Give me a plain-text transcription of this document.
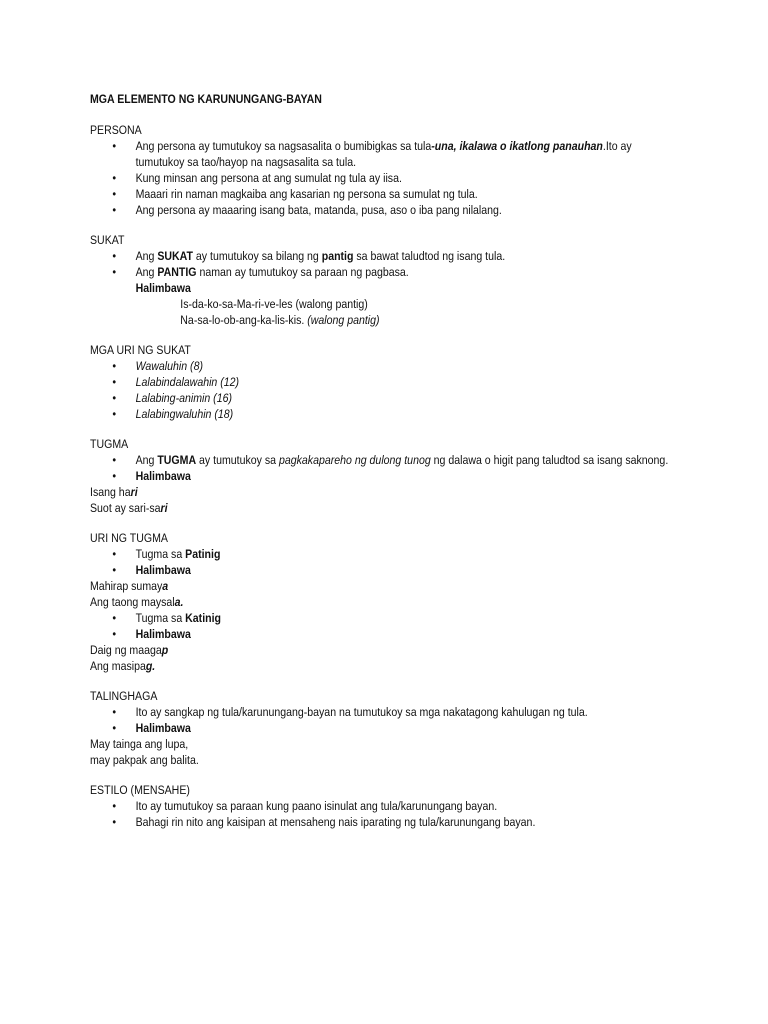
MGA ELEMENTO NG KARUNUNGANG-BAYAN

PERSONA

• Ang persona ay tumutukoy sa nagsasalita o bumibigkas sa tula-una, ikalawa o ikatlong panauhan.Ito ay tumutukoy sa tao/hayop na nagsasalita sa tula.
• Kung minsan ang persona at ang sumulat ng tula ay iisa.
• Maaari rin naman magkaiba ang kasarian ng persona sa sumulat ng tula.
• Ang persona ay maaaring isang bata, matanda, pusa, aso o iba pang nilalang.

SUKAT

• Ang SUKAT ay tumutukoy sa bilang ng pantig sa bawat taludtod ng isang tula.
• Ang PANTIG naman ay tumutukoy sa paraan ng pagbasa.

Halimbawa

Is-da-ko-sa-Ma-ri-ve-les (walong pantig)

Na-sa-lo-ob-ang-ka-lis-kis. (walong pantig)

MGA URI NG SUKAT

• Wawaluhin (8)
• Lalabindalawahin (12)
• Lalabing-animin (16)
• Lalabingwaluhin (18)

TUGMA

• Ang TUGMA ay tumutukoy sa pagkakapareho ng dulong tunog ng dalawa o higit pang taludtod sa isang saknong.
• Halimbawa

Isang hari

Suot ay sari-sari

URI NG TUGMA

• Tugma sa Patinig
• Halimbawa

Mahirap sumaya

Ang taong maysala.

• Tugma sa Katinig
• Halimbawa

Daig ng maagap

Ang masipag.

TALINGHAGA

• Ito ay sangkap ng tula/karunungang-bayan na tumutukoy sa mga nakatagong kahulugan ng tula.
• Halimbawa

May tainga ang lupa,

may pakpak ang balita.

ESTILO (MENSAHE)

• Ito ay tumutukoy sa paraan kung paano isinulat ang tula/karunungang bayan.
• Bahagi rin nito ang kaisipan at mensaheng nais iparating ng tula/karunungang bayan.
